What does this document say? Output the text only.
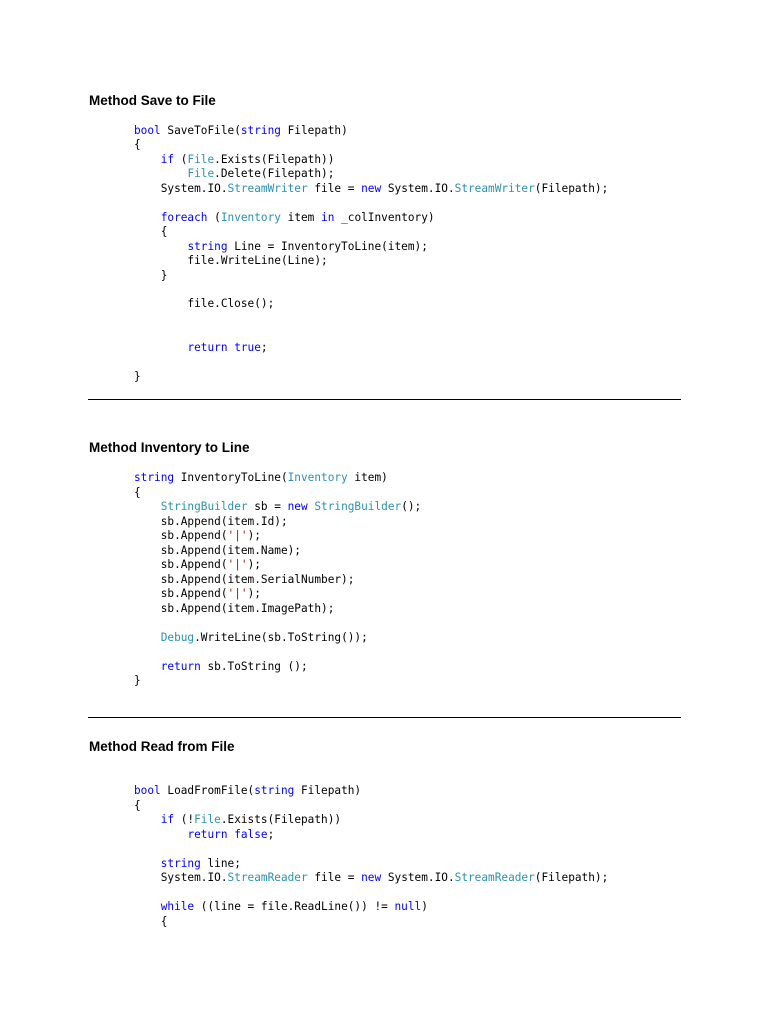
Method Save to File
bool SaveToFile(string Filepath)
{
if (File.Exists(Filepath))
File.Delete(Filepath);
System.IO.StreamWriter file = new System.IO.StreamWriter(Filepath);
foreach (Inventory item in _colInventory)
{
string Line = InventoryToLine(item);
file.WriteLine(Line);
}
file.Close();
return true;
}
Method Inventory to Line
string InventoryToLine(Inventory item)
{
StringBuilder sb = new StringBuilder();
sb.Append(item.Id);
sb.Append('|');
sb.Append(item.Name);
sb.Append('|');
sb.Append(item.SerialNumber);
sb.Append('|');
sb.Append(item.ImagePath);
Debug.WriteLine(sb.ToString());
return sb.ToString ();
}
Method Read from File
bool LoadFromFile(string Filepath)
{
if (!File.Exists(Filepath))
return false;
string line;
System.IO.StreamReader file = new System.IO.StreamReader(Filepath);
while ((line = file.ReadLine()) != null)
{
